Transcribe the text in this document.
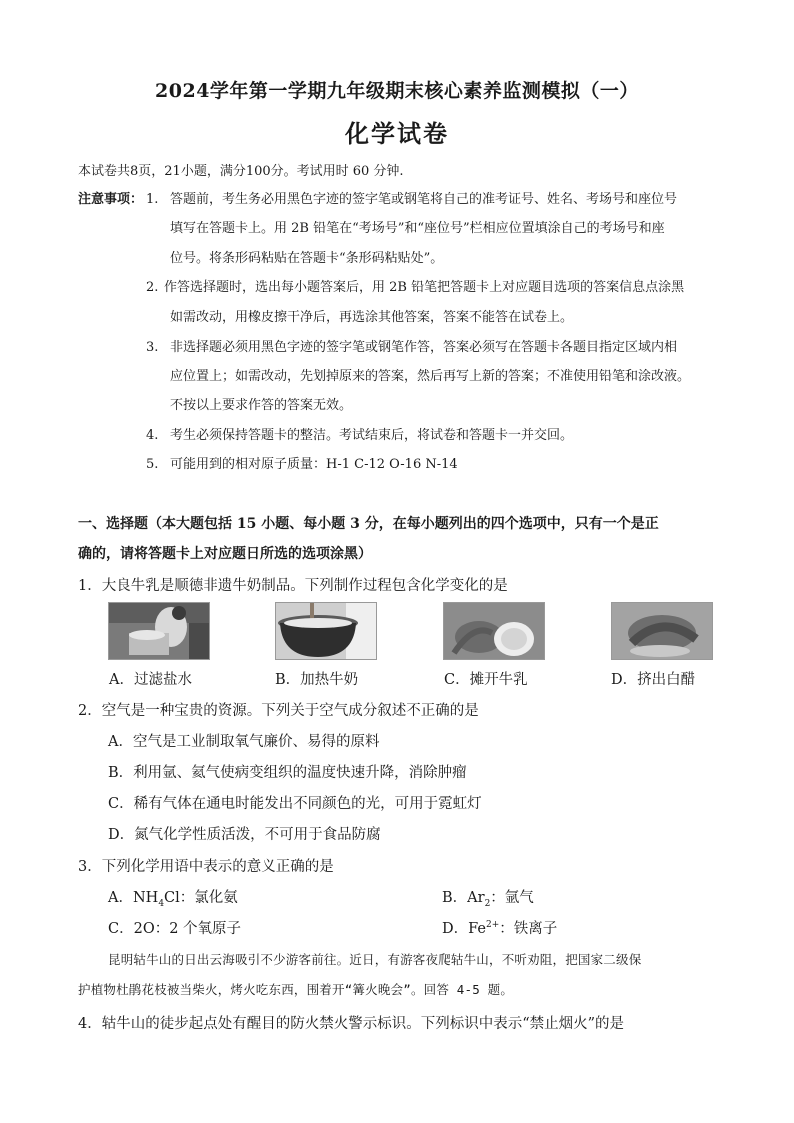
2024学年第一学期九年级期末核心素养监测模拟（一）
化学试卷
本试卷共8页，21小题，满分100分。考试用时 60 分钟.
注意事项： 1. 答题前，考生务必用黑色字迹的签字笔或钢笔将自己的准考证号、姓名、考场号和座位号
填写在答题卡上。用 2B 铅笔在“考场号”和“座位号”栏相应位置填涂自己的考场号和座
位号。将条形码粘贴在答题卡“条形码粘贴处”。
2. 作答选择题时，选出每小题答案后，用 2B 铅笔把答题卡上对应题目选项的答案信息点涂黑
如需改动，用橡皮擦干净后，再选涂其他答案，答案不能答在试卷上。
3. 非选择题必须用黑色字迹的签字笔或钢笔作答，答案必须写在答题卡各题目指定区域内相
应位置上；如需改动，先划掉原来的答案，然后再写上新的答案；不准使用铅笔和涂改液。
不按以上要求作答的答案无效。
4. 考生必须保持答题卡的整洁。考试结束后，将试卷和答题卡一并交回。
5. 可能用到的相对原子质量：H-1 C-12 O-16 N-14
一、选择题（本大题包括 15 小题、每小题 3 分，在每小题列出的四个选项中，只有一个是正
确的，请将答题卡上对应题日所选的选项涂黑）
1．大良牛乳是顺德非遗牛奶制品。下列制作过程包含化学变化的是
A．过滤盐水	B．加热牛奶	C．摊开牛乳	D．挤出白醋
2．空气是一种宝贵的资源。下列关于空气成分叙述不正确的是
A．空气是工业制取氧气廉价、易得的原料
B．利用氩、氦气使病变组织的温度快速升降，消除肿瘤
C．稀有气体在通电时能发出不同颜色的光，可用于霓虹灯
D．氮气化学性质活泼，不可用于食品防腐
3．下列化学用语中表示的意义正确的是
A．$NH_4Cl$：氯化氨	B．$Ar_2$：氩气
C．2O：2 个氧原子	D．$Fe^{2+}$：铁离子
昆明轱牛山的日出云海吸引不少游客前往。近日，有游客夜爬轱牛山，不听劝阻，把国家二级保
护植物杜鹃花枝被当柴火，烤火吃东西，围着开“篝火晚会”。回答 4-5 题。
4．轱牛山的徒步起点处有醒目的防火禁火警示标识。下列标识中表示“禁止烟火”的是
